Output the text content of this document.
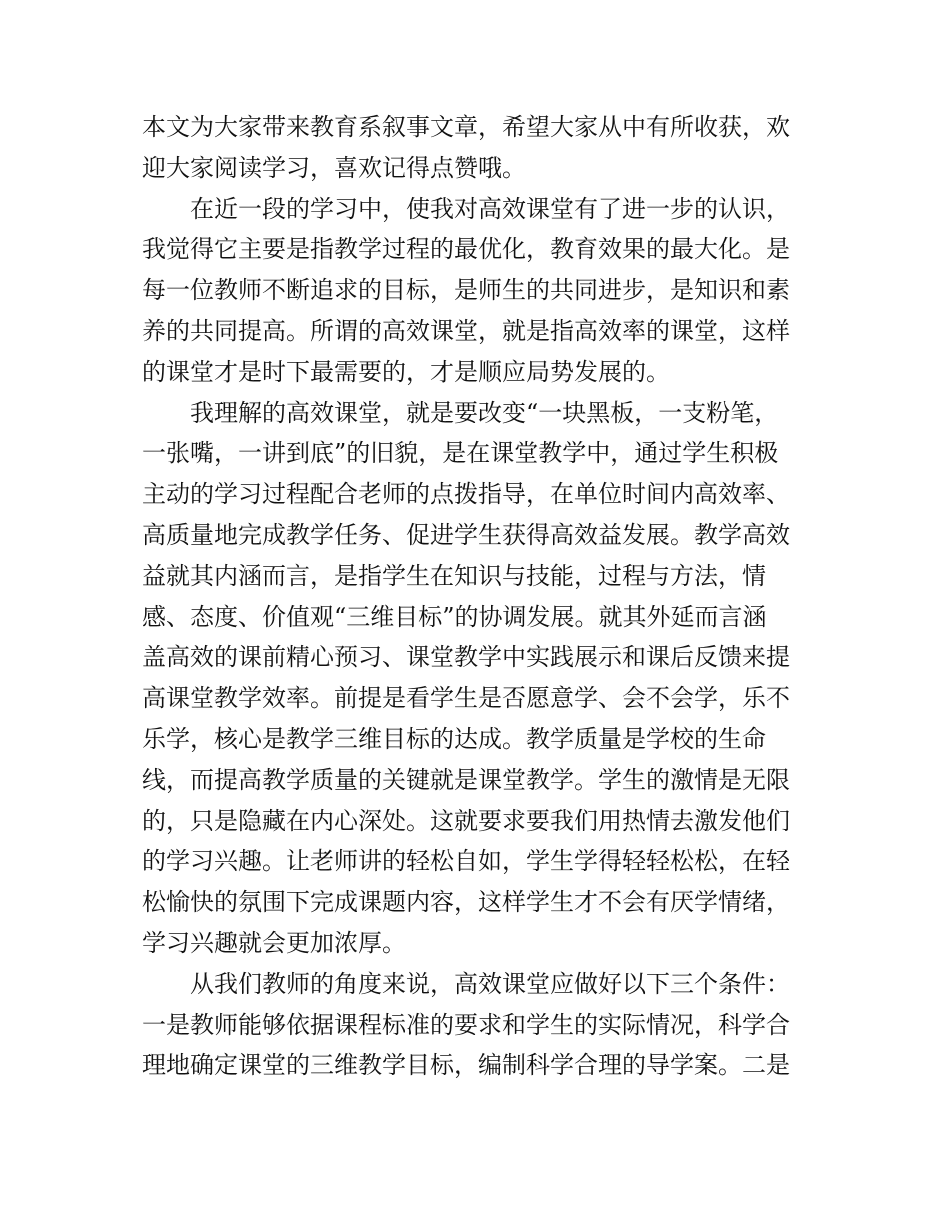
本文为大家带来教育系叙事文章，希望大家从中有所收获，欢
迎大家阅读学习，喜欢记得点赞哦。
在近一段的学习中，使我对高效课堂有了进一步的认识，
我觉得它主要是指教学过程的最优化，教育效果的最大化。是
每一位教师不断追求的目标，是师生的共同进步，是知识和素
养的共同提高。所谓的高效课堂，就是指高效率的课堂，这样
的课堂才是时下最需要的，才是顺应局势发展的。
我理解的高效课堂，就是要改变“一块黑板，一支粉笔，
一张嘴，一讲到底”的旧貌，是在课堂教学中，通过学生积极
主动的学习过程配合老师的点拨指导，在单位时间内高效率、
高质量地完成教学任务、促进学生获得高效益发展。教学高效
益就其内涵而言，是指学生在知识与技能，过程与方法，情
感、态度、价值观“三维目标”的协调发展。就其外延而言涵
盖高效的课前精心预习、课堂教学中实践展示和课后反馈来提
高课堂教学效率。前提是看学生是否愿意学、会不会学，乐不
乐学，核心是教学三维目标的达成。教学质量是学校的生命
线，而提高教学质量的关键就是课堂教学。学生的激情是无限
的，只是隐藏在内心深处。这就要求要我们用热情去激发他们
的学习兴趣。让老师讲的轻松自如，学生学得轻轻松松，在轻
松愉快的氛围下完成课题内容，这样学生才不会有厌学情绪，
学习兴趣就会更加浓厚。
从我们教师的角度来说，高效课堂应做好以下三个条件：
一是教师能够依据课程标准的要求和学生的实际情况，科学合
理地确定课堂的三维教学目标，编制科学合理的导学案。二是
